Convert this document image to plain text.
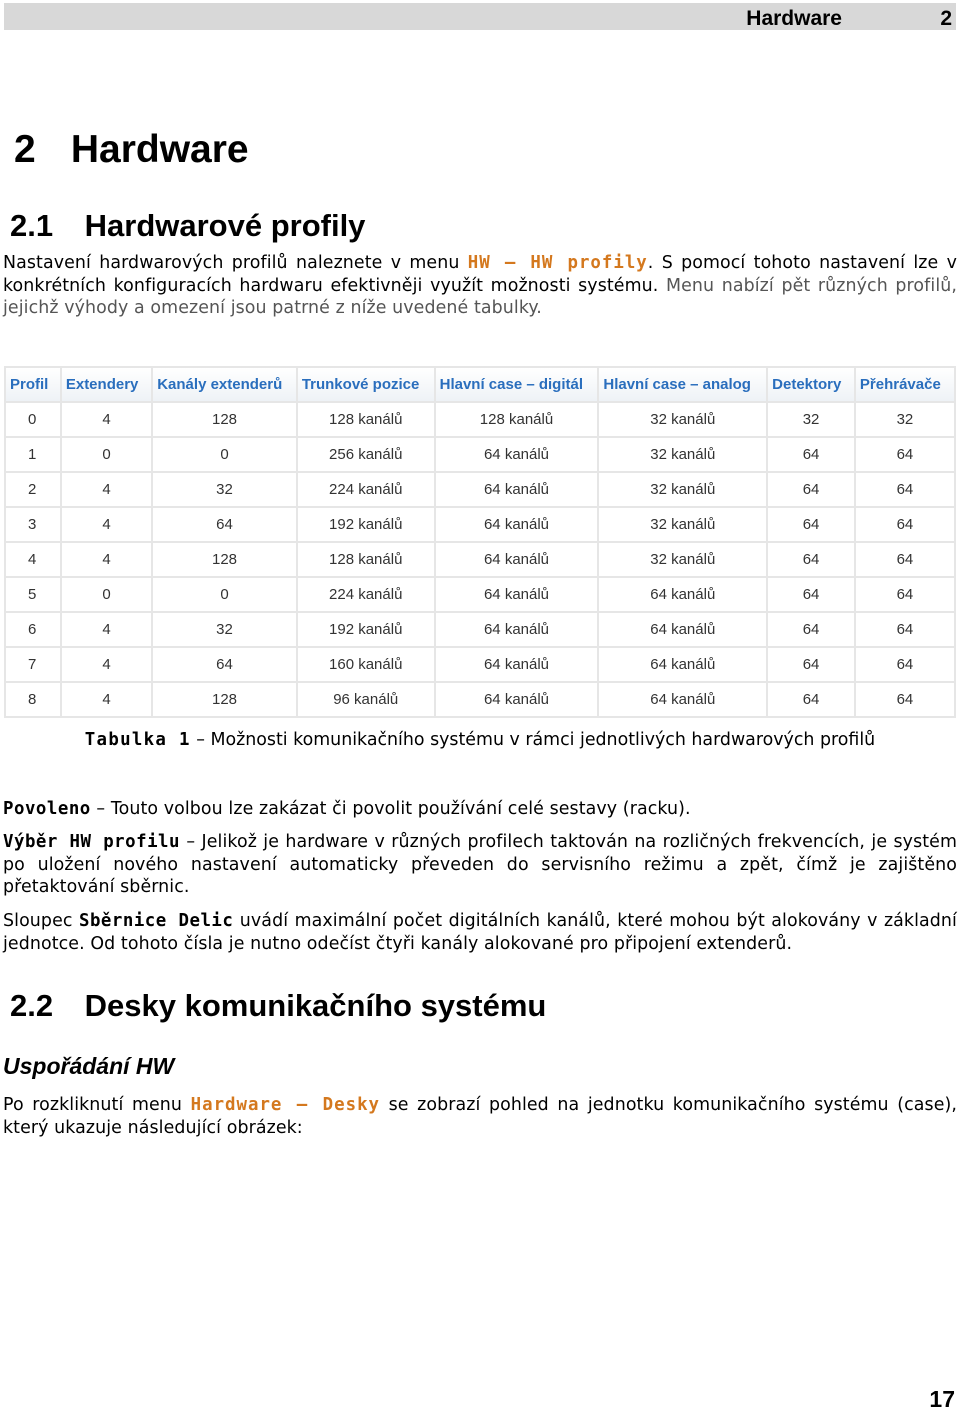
Hardware	2
2 Hardware
2.1 Hardwarové profily

Nastavení hardwarových profilů naleznete v menu HW – HW profily. S pomocí tohoto nastavení lze v konkrétních konfiguracích hardwaru efektivněji využít možnosti systému. Menu nabízí pět různých profilů, jejichž výhody a omezení jsou patrné z níže uvedené tabulky.

Profil	Extendery	Kanály extenderů	Trunkové pozice	Hlavní case – digitál	Hlavní case – analog	Detektory	Přehrávače
0	4	128	128 kanálů	128 kanálů	32 kanálů	32	32
1	0	0	256 kanálů	64 kanálů	32 kanálů	64	64
2	4	32	224 kanálů	64 kanálů	32 kanálů	64	64
3	4	64	192 kanálů	64 kanálů	32 kanálů	64	64
4	4	128	128 kanálů	64 kanálů	32 kanálů	64	64
5	0	0	224 kanálů	64 kanálů	64 kanálů	64	64
6	4	32	192 kanálů	64 kanálů	64 kanálů	64	64
7	4	64	160 kanálů	64 kanálů	64 kanálů	64	64
8	4	128	96 kanálů	64 kanálů	64 kanálů	64	64
Tabulka 1 – Možnosti komunikačního systému v rámci jednotlivých hardwarových profilů

Povoleno – Touto volbou lze zakázat či povolit používání celé sestavy (racku).

Výběr HW profilu – Jelikož je hardware v různých profilech taktován na rozličných frekvencích, je systém po uložení nového nastavení automaticky převeden do servisního režimu a zpět, čímž je zajištěno přetaktování sběrnic.

Sloupec Sběrnice Delic uvádí maximální počet digitálních kanálů, které mohou být alokovány v základní jednotce. Od tohoto čísla je nutno odečíst čtyři kanály alokované pro připojení extenderů.

2.2 Desky komunikačního systému
Uspořádání HW

Po rozkliknutí menu Hardware – Desky se zobrazí pohled na jednotku komunikačního systému (case), který ukazuje následující obrázek:

17
